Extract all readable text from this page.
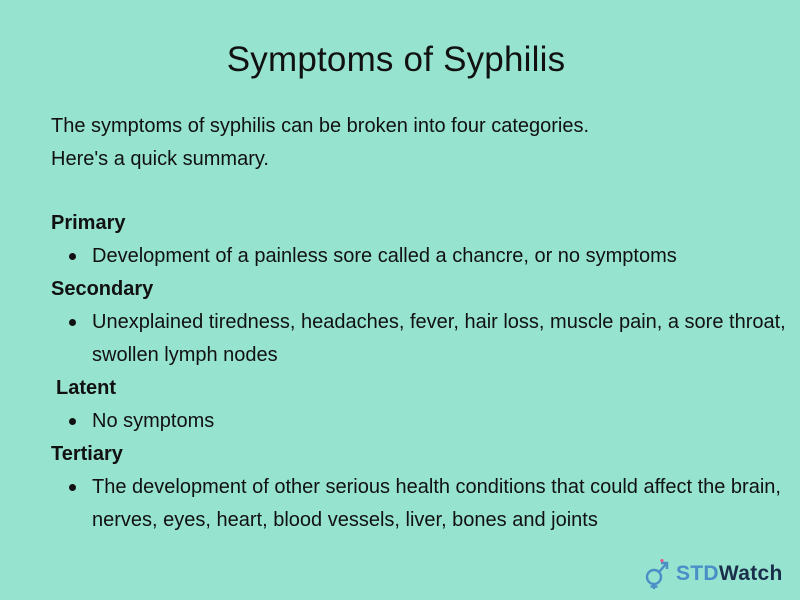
Symptoms of Syphilis
The symptoms of syphilis can be broken into four categories.
Here's a quick summary.
Primary
Development of a painless sore called a chancre, or no symptoms
Secondary
Unexplained tiredness, headaches, fever, hair loss, muscle pain, a sore throat, swollen lymph nodes
Latent
No symptoms
Tertiary
The development of other serious health conditions that could affect the brain, nerves, eyes, heart, blood vessels, liver, bones and joints
STDWatch
